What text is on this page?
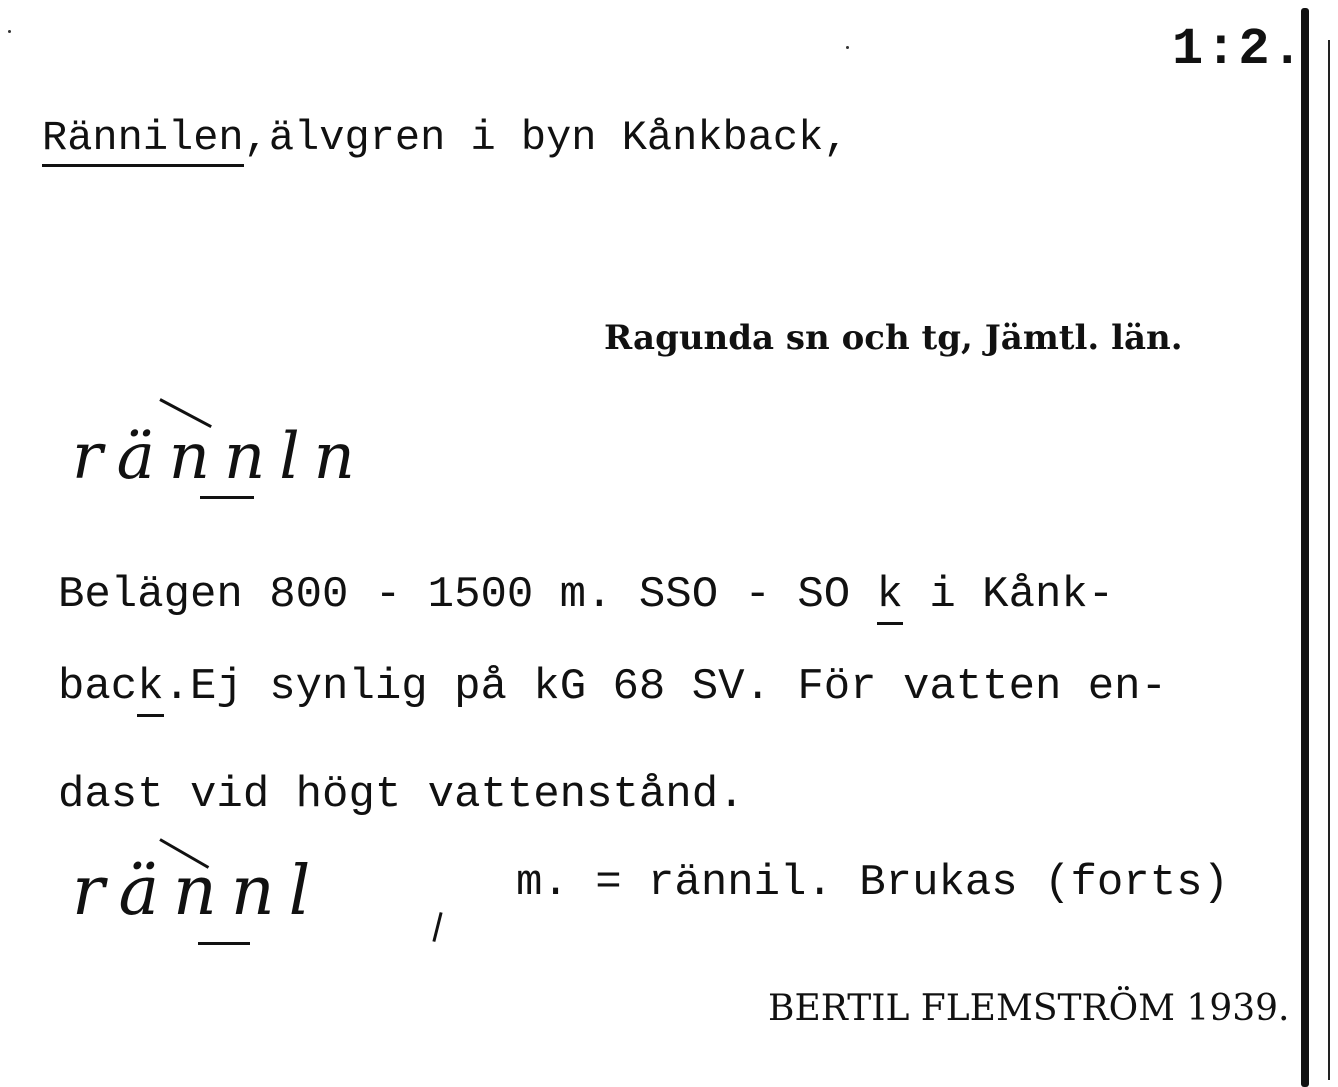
1:2.
Rännilen,älvgren i byn Kånkback,
Ragunda sn och tg, Jämtl. län.
rännln
Belägen 800 - 1500 m. SSO - SO k i Kånk-
back.Ej synlig på kG 68 SV. För vatten en-
dast vid högt vattenstånd.
rännl	m. = rännil. Brukas (forts)
BERTIL FLEMSTRÖM 1939.
